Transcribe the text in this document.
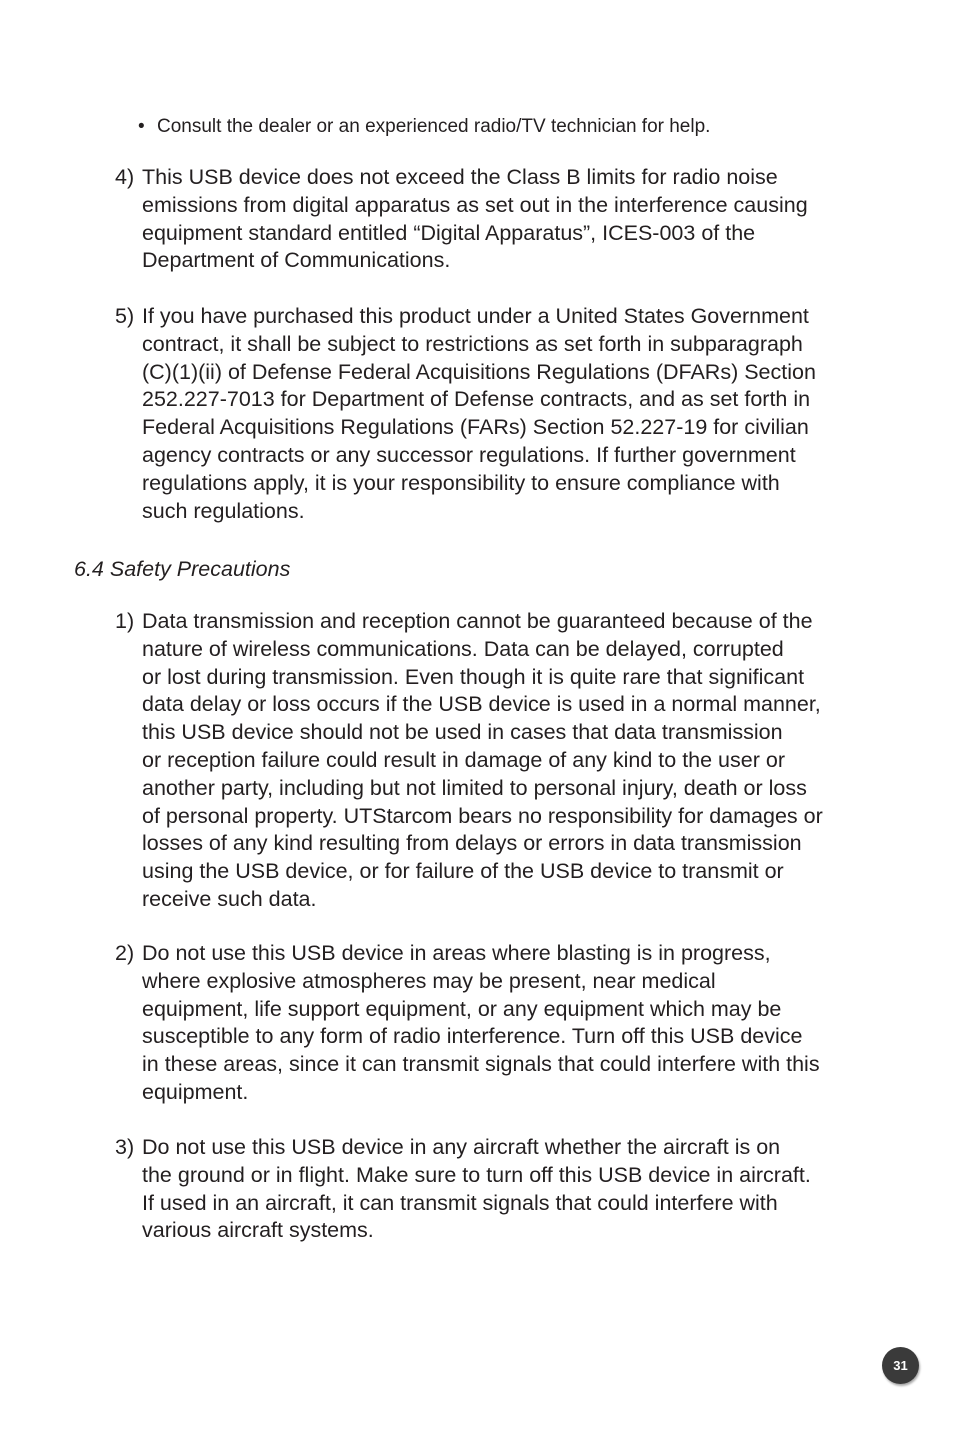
• Consult the dealer or an experienced radio/TV technician for help.
4) This USB device does not exceed the Class B limits for radio noise
emissions from digital apparatus as set out in the interference causing
equipment standard entitled “Digital Apparatus”, ICES-003 of the
Department of Communications.
5) If you have purchased this product under a United States Government
contract, it shall be subject to restrictions as set forth in subparagraph
(C)(1)(ii) of Defense Federal Acquisitions Regulations (DFARs) Section
252.227-7013 for Department of Defense contracts, and as set forth in
Federal Acquisitions Regulations (FARs) Section 52.227-19 for civilian
agency contracts or any successor regulations. If further government
regulations apply, it is your responsibility to ensure compliance with
such regulations.
6.4 Safety Precautions
1) Data transmission and reception cannot be guaranteed because of the
nature of wireless communications. Data can be delayed, corrupted
or lost during transmission. Even though it is quite rare that significant
data delay or loss occurs if the USB device is used in a normal manner,
this USB device should not be used in cases that data transmission
or reception failure could result in damage of any kind to the user or
another party, including but not limited to personal injury, death or loss
of personal property. UTStarcom bears no responsibility for damages or
losses of any kind resulting from delays or errors in data transmission
using the USB device, or for failure of the USB device to transmit or
receive such data.
2) Do not use this USB device in areas where blasting is in progress,
where explosive atmospheres may be present, near medical
equipment, life support equipment, or any equipment which may be
susceptible to any form of radio interference. Turn off this USB device
in these areas, since it can transmit signals that could interfere with this
equipment.
3) Do not use this USB device in any aircraft whether the aircraft is on
the ground or in flight. Make sure to turn off this USB device in aircraft.
If used in an aircraft, it can transmit signals that could interfere with
various aircraft systems.
31
